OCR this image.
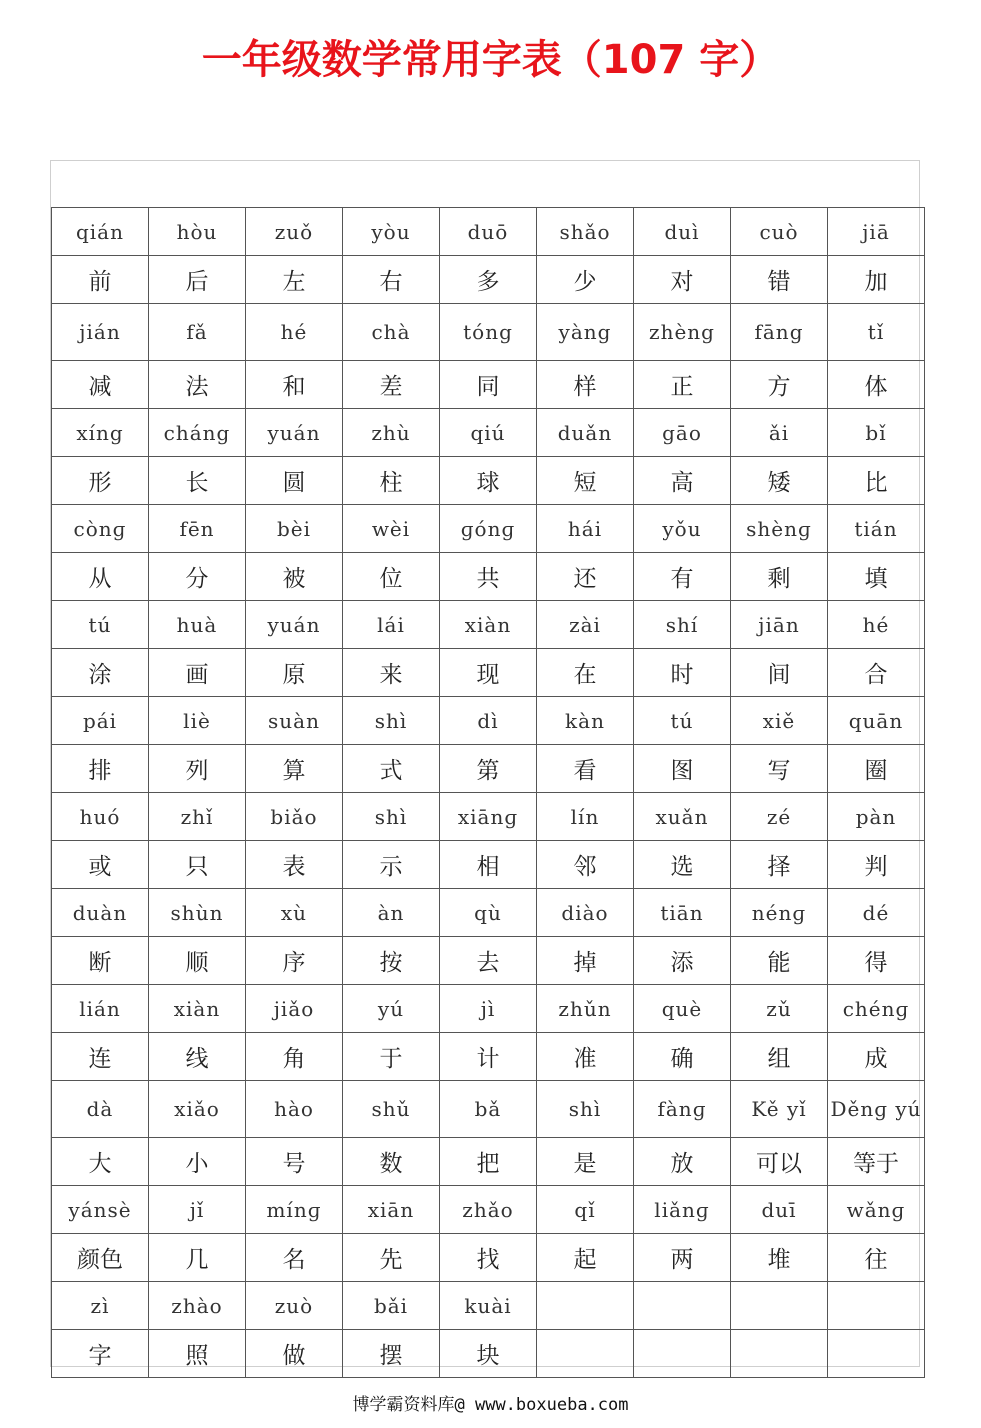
一年级数学常用字表（107 字）
qián	hòu	zuǒ	yòu	duō	shǎo	duì	cuò	jiā
前	后	左	右	多	少	对	错	加
jián	fǎ	hé	chà	tóng	yàng	zhèng	fāng	tǐ
减	法	和	差	同	样	正	方	体
xíng	cháng	yuán	zhù	qiú	duǎn	gāo	ǎi	bǐ
形	长	圆	柱	球	短	高	矮	比
cònɡ	fēn	bèi	wèi	ɡónɡ	hái	yǒu	shènɡ	tián
从	分	被	位	共	还	有	剩	填
tú	huà	yuán	lái	xiàn	zài	shí	jiān	hé
涂	画	原	来	现	在	时	间	合
pái	liè	suàn	shì	dì	kàn	tú	xiě	quān
排	列	算	式	第	看	图	写	圈
huó	zhǐ	biǎo	shì	xiānɡ	lín	xuǎn	zé	pàn
或	只	表	示	相	邻	选	择	判
duàn	shùn	xù	àn	qù	diào	tiān	nénɡ	dé
断	顺	序	按	去	掉	添	能	得
lián	xiàn	jiǎo	yú	jì	zhǔn	què	zǔ	chénɡ
连	线	角	于	计	准	确	组	成
dà	xiǎo	hào	shǔ	bǎ	shì	fànɡ	Kě yǐ	Děnɡ yú
大	小	号	数	把	是	放	可以	等于
yánsè	jǐ	mínɡ	xiān	zhǎo	qǐ	liǎnɡ	duī	wǎnɡ
颜色	几	名	先	找	起	两	堆	往
zì	zhào	zuò	bǎi	kuài				
字	照	做	摆	块				
博学霸资料库@ www.boxueba.com
